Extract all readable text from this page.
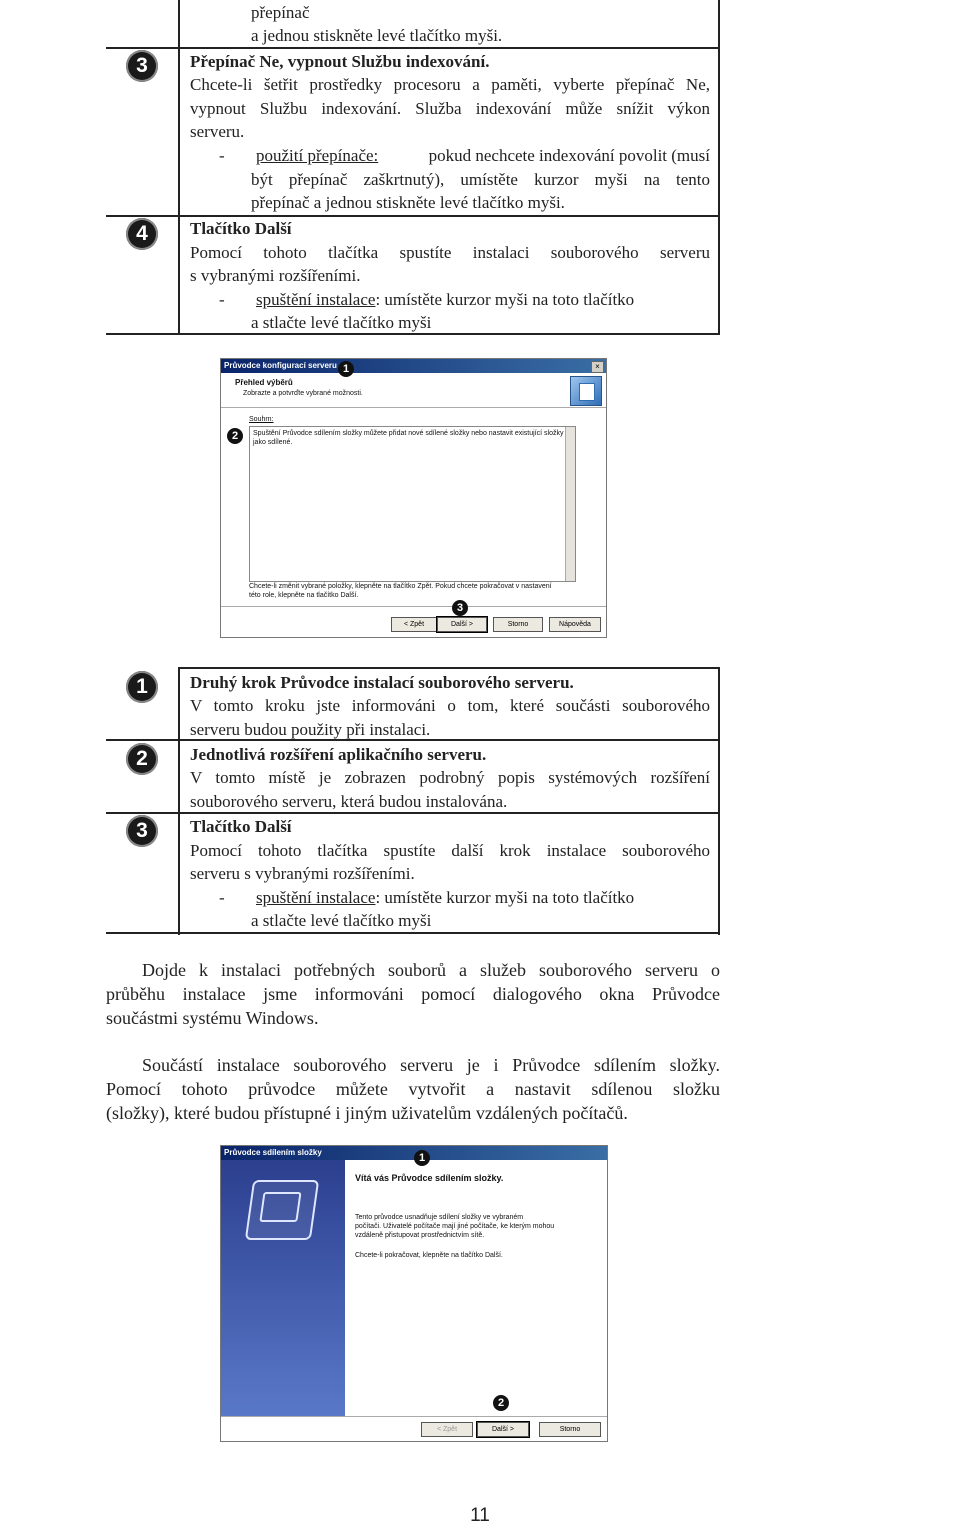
přepínač
a jednou stiskněte levé tlačítko myši.
3	Přepínač Ne, vypnout Službu indexování.
Chcete-li šetřit prostředky procesoru a paměti, vyberte přepínač Ne,
vypnout Službu indexování. Služba indexování může snížit výkon
serveru.
- použití přepínače:	pokud nechcete indexování povolit (musí
být přepínač zaškrtnutý), umístěte kurzor myši na tento
přepínač a jednou stiskněte levé tlačítko myši.
4	Tlačítko Další
Pomocí tohoto tlačítka spustíte instalaci souborového serveru
s vybranými rozšířeními.
- spuštění instalace: umístěte kurzor myši na toto tlačítko
a stlačte levé tlačítko myši
Průvodce konfigurací serveru	×
Přehled výběrů
Zobrazte a potvrďte vybrané možnosti.
Souhrn:
Spuštění Průvodce sdílením složky můžete přidat nové sdílené složky nebo nastavit existující složky
jako sdílené.
Chcete-li změnit vybrané položky, klepněte na tlačítko Zpět. Pokud chcete pokračovat v nastavení
této role, klepněte na tlačítko Další.
< Zpět	Další >	Storno	Nápověda
1
2
3
1	Druhý krok Průvodce instalací souborového serveru.
V tomto kroku jste informováni o tom, které součásti souborového
serveru budou použity při instalaci.
2	Jednotlivá rozšíření aplikačního serveru.
V tomto místě je zobrazen podrobný popis systémových rozšíření
souborového serveru, která budou instalována.
3	Tlačítko Další
Pomocí tohoto tlačítka spustíte další krok instalace souborového
serveru s vybranými rozšířeními.
- spuštění instalace: umístěte kurzor myši na toto tlačítko
a stlačte levé tlačítko myši
Dojde k instalaci potřebných souborů a služeb souborového serveru o
průběhu instalace jsme informováni pomocí dialogového okna Průvodce
součástmi systému Windows.
Součástí instalace souborového serveru je i Průvodce sdílením složky.
Pomocí tohoto průvodce můžete vytvořit a nastavit sdílenou složku
(složky), které budou přístupné i jiným uživatelům vzdálených počítačů.
Průvodce sdílením složky
Vítá vás Průvodce sdílením složky.
Tento průvodce usnadňuje sdílení složky ve vybraném
počítači. Uživatelé počítače mají jiné počítače, ke kterým mohou
vzdáleně přistupovat prostřednictvím sítě.
Chcete-li pokračovat, klepněte na tlačítko Další.
< Zpět	Další >	Storno
1
2
11
